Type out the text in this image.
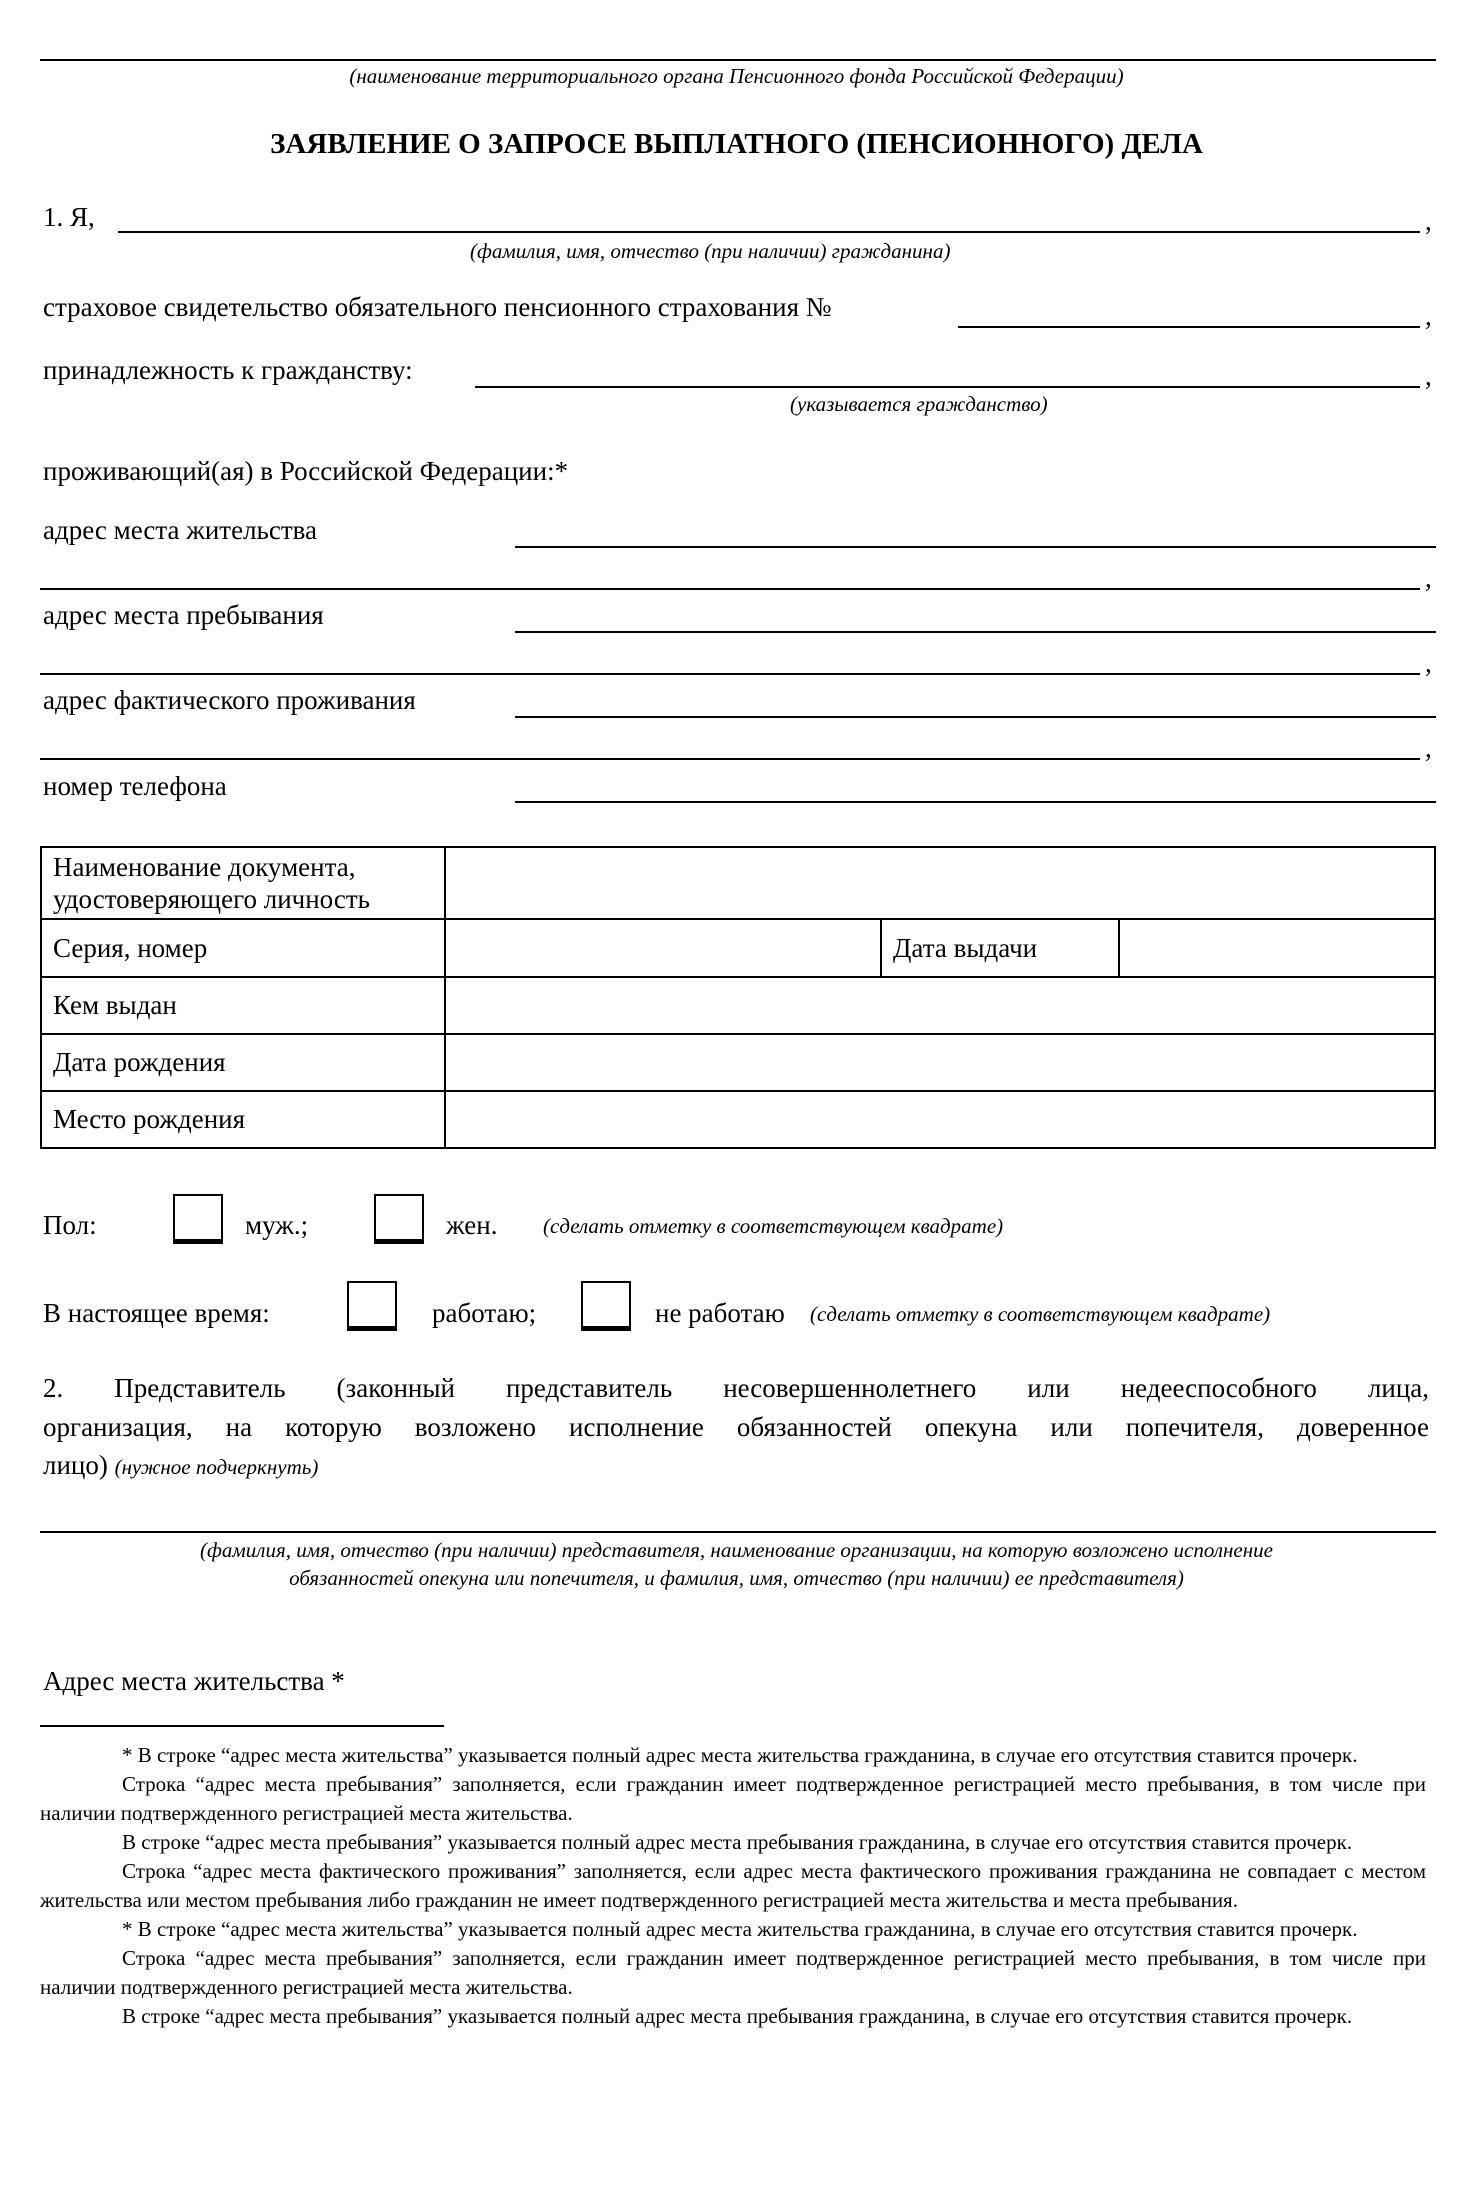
(наименование территориального органа Пенсионного фонда Российской Федерации)
ЗАЯВЛЕНИЕ О ЗАПРОСЕ ВЫПЛАТНОГО (ПЕНСИОННОГО) ДЕЛА
1. Я,	,
(фамилия, имя, отчество (при наличии) гражданина)
страховое свидетельство обязательного пенсионного страхования №	,
принадлежность к гражданству:	,
(указывается гражданство)
проживающий(ая) в Российской Федерации:*
адрес места жительства
,
адрес места пребывания
,
адрес фактического проживания
,
номер телефона
Наименование документа, удостоверяющего личность			
Серия, номер		Дата выдачи	
Кем выдан			
Дата рождения			
Место рождения			
Пол:	муж.;	жен. (сделать отметку в соответствующем квадрате)
В настоящее время:	работаю;	не работаю (сделать отметку в соответствующем квадрате)
2. Представитель (законный представитель несовершеннолетнего или недееспособного лица,
организация, на которую возложено исполнение обязанностей опекуна или попечителя, доверенное
лицо) (нужное подчеркнуть)
(фамилия, имя, отчество (при наличии) представителя, наименование организации, на которую возложено исполнение
обязанностей опекуна или попечителя, и фамилия, имя, отчество (при наличии) ее представителя)
Адрес места жительства *

* В строке “адрес места жительства” указывается полный адрес места жительства гражданина, в случае его отсутствия ставится прочерк.

Строка “адрес места пребывания” заполняется, если гражданин имеет подтвержденное регистрацией место пребывания, в том числе при наличии подтвержденного регистрацией места жительства.

В строке “адрес места пребывания” указывается полный адрес места пребывания гражданина, в случае его отсутствия ставится прочерк.

Строка “адрес места фактического проживания” заполняется, если адрес места фактического проживания гражданина не совпадает с местом жительства или местом пребывания либо гражданин не имеет подтвержденного регистрацией места жительства и места пребывания.

* В строке “адрес места жительства” указывается полный адрес места жительства гражданина, в случае его отсутствия ставится прочерк.

Строка “адрес места пребывания” заполняется, если гражданин имеет подтвержденное регистрацией место пребывания, в том числе при наличии подтвержденного регистрацией места жительства.

В строке “адрес места пребывания” указывается полный адрес места пребывания гражданина, в случае его отсутствия ставится прочерк.
